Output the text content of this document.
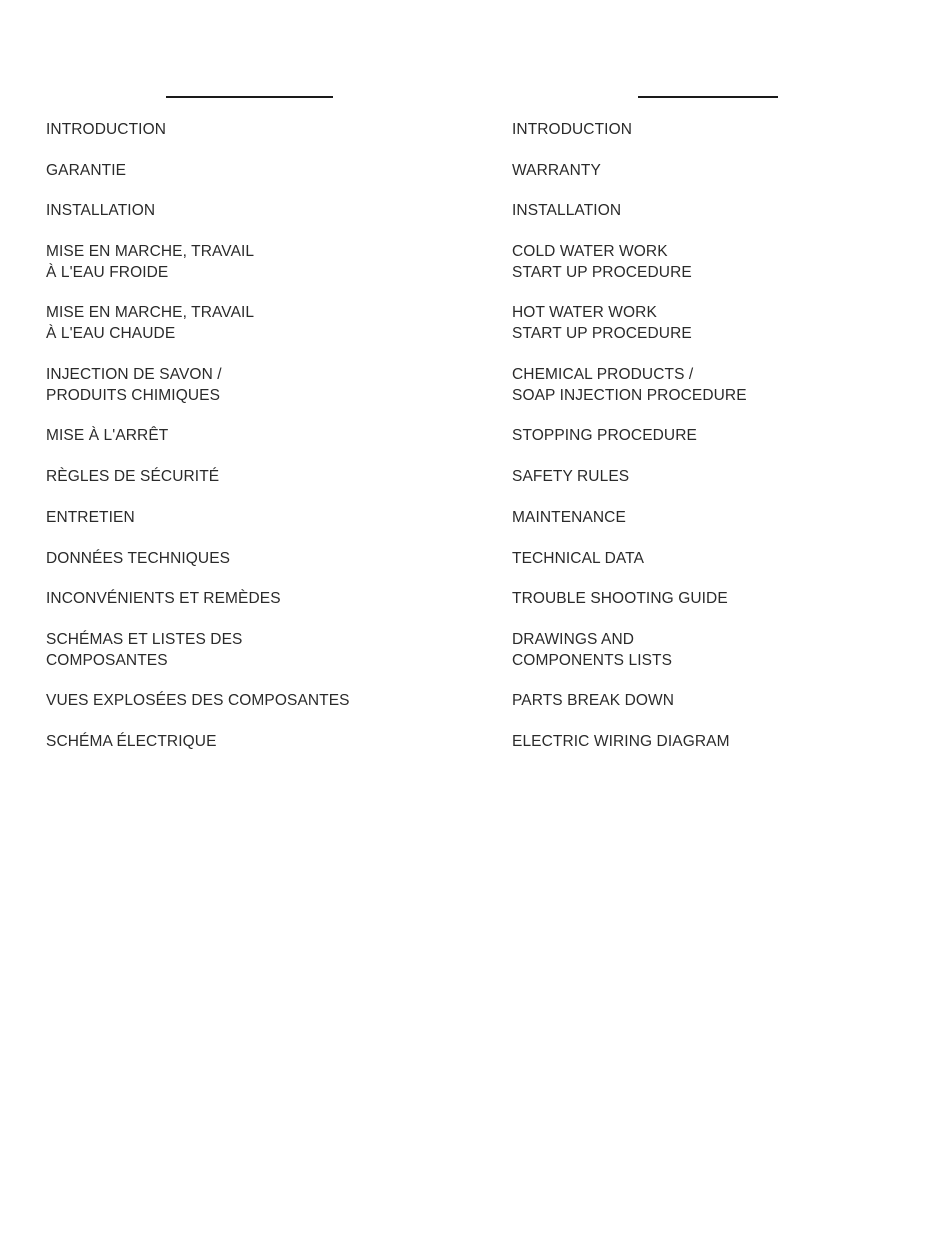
INTRODUCTION
GARANTIE
INSTALLATION
MISE EN MARCHE, TRAVAIL
À L'EAU FROIDE
MISE EN MARCHE, TRAVAIL
À L'EAU CHAUDE
INJECTION DE SAVON /
PRODUITS CHIMIQUES
MISE À L'ARRÊT
RÈGLES DE SÉCURITÉ
ENTRETIEN
DONNÉES TECHNIQUES
INCONVÉNIENTS ET REMÈDES
SCHÉMAS ET LISTES DES
COMPOSANTES
VUES EXPLOSÉES DES COMPOSANTES
SCHÉMA ÉLECTRIQUE
INTRODUCTION
WARRANTY
INSTALLATION
COLD WATER WORK
START UP PROCEDURE
HOT WATER WORK
START UP PROCEDURE
CHEMICAL PRODUCTS /
SOAP INJECTION PROCEDURE
STOPPING PROCEDURE
SAFETY RULES
MAINTENANCE
TECHNICAL DATA
TROUBLE SHOOTING GUIDE
DRAWINGS AND
COMPONENTS LISTS
PARTS BREAK DOWN
ELECTRIC WIRING DIAGRAM
